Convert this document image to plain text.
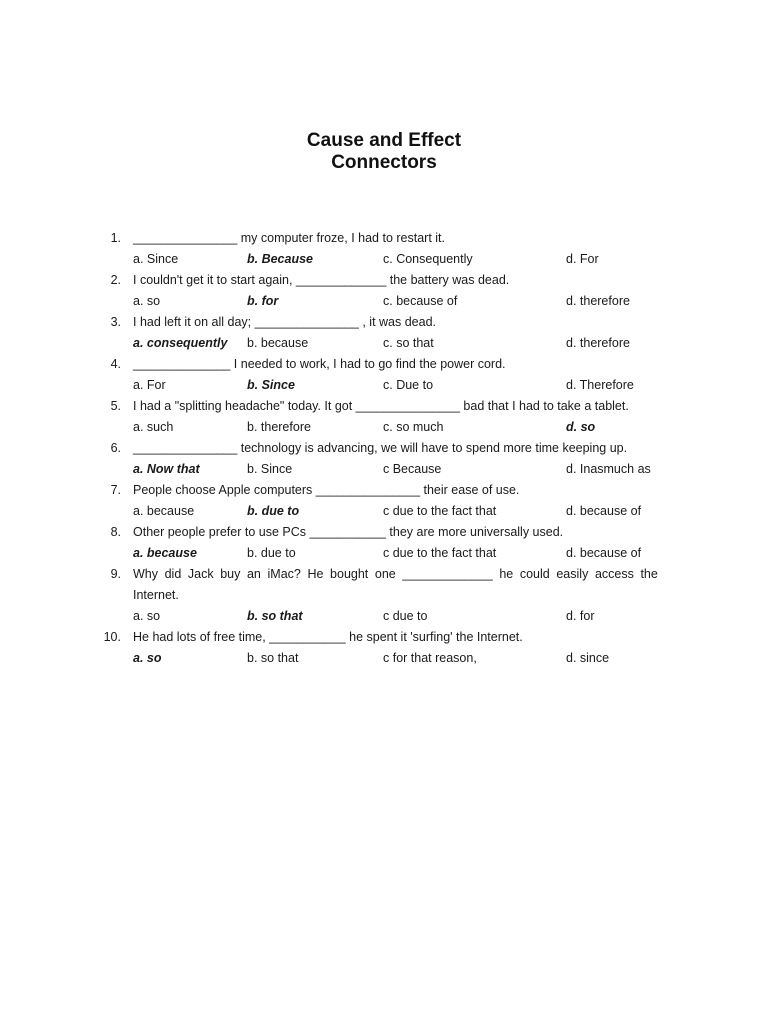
Cause and Effect
Connectors
1. _______________ my computer froze, I had to restart it.
a. Since	b. Because	c. Consequently	d. For
2. I couldn't get it to start again, _____________ the battery was dead.
a. so	b. for	c. because of	d. therefore
3. I had left it on all day; _______________ , it was dead.
a. consequently b. because	c. so that	d. therefore
4. ______________ I needed to work, I had to go find the power cord.
a. For	b. Since	c. Due to	d. Therefore
5. I had a "splitting headache" today. It got _______________ bad that I had to take a tablet.
a. such	b. therefore	c. so much	d. so
6. _______________ technology is advancing, we will have to spend more time keeping up.
a. Now that	b. Since	c Because	d. Inasmuch as
7. People choose Apple computers _______________ their ease of use.
a. because	b. due to	c due to the fact that	d. because of
8. Other people prefer to use PCs ___________ they are more universally used.
a. because	b. due to	c due to the fact that	d. because of
9. Why did Jack buy an iMac? He bought one _____________ he could easily access the
Internet.
a. so	b. so that	c due to	d. for
10. He had lots of free time, ___________ he spent it 'surfing' the Internet.
a. so	b. so that	c for that reason,	d. since
